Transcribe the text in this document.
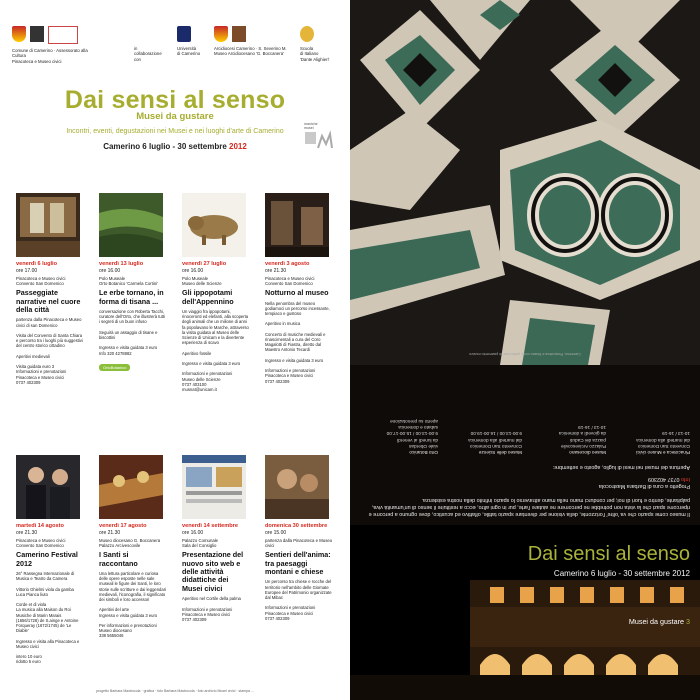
Comune di Camerino · Assessorato alla Cultura
Pinacoteca e Museo civici
in
collaborazione
con
Università
di Camerino
Arcidiocesi Camerino · S. Severino M.
Museo Arcidiocesano 'G. Boccanera'
Scuola
di Italiano
'Dante Alighieri'
Dai sensi al senso
Musei da gustare
Incontri, eventi, degustazioni nei Musei e nei luoghi d'arte di Camerino
Camerino 6 luglio - 30 settembre 2012
maniche
musei
venerdì 6 luglio
ore 17.00
Pinacoteca e Museo civici
Convento San Domenico
Passeggiate narrative nel cuore della città
partenza dalla Pinacoteca e Museo civici di san Domenico

Visita del Convento di Santa Chiara e percorso tra i luoghi più suggestivi del centro storico cittadino

Aperitivi medievali

Visita guidata euro 3
Informazioni e prenotazioni
Pinacoteca e Museo civici
0737 402309
venerdì 13 luglio
ore 16.00
Polo Museale
Orto Botanico 'Carmela Cortini'
Le erbe tornano, in forma di tisana ...
conversazione con Roberta Tacchi, curatore dell'Orto, che illustrerà tutti i segreti di un buon infuso

Seguirà un assaggio di tisane e biscottini

Ingresso e visita guidata 3 euro
Info 320 4278882
OrtoBotanico
venerdì 27 luglio
ore 16.00
Polo Museale
Museo delle Scienze
Gli ippopotami dell'Appennino
Un viaggio fra ippopotami, rinoceronti ed elefanti, alla scoperta degli animali che un milione di anni fa popolavano le Marche, attraverso la visita guidata al Museo delle Scienze di Unicam e la divertente esperienza di scavo

Aperitivo fossile

Ingresso e visita guidata 3 euro

Informazioni e prenotazioni
Museo delle Scienze
0737 403100
musnat@unicam.it
venerdì 3 agosto
ore 21.30
Pinacoteca e Museo civici
Convento San Domenico
Notturno al museo
Nella penombra del museo godiamoci un percorso incessante, tempiaco e gustoso

Aperitivo in musica

Concerto di musiche medievali e rinascimentali a cura del Coro Magalotti di Fiastra, diretto dal Maestro Antonio Tecardi

Ingresso e visita guidata 3 euro

Informazioni e prenotazioni
Pinacoteca e Museo civici
0737 402309
martedì 14 agosto
ore 21.30
Pinacoteca e Museo civici
Convento San Domenico
Camerino Festival 2012
26° Rassegna Internazionale di Musica e Teatro da Camera

Vittorio Ghielmi viola da gamba
Luca Pianca liuto

Corde et di viola
La musica alla Maison du Roi
Musiche di Marin Marais (1656/1728) de S.ainge e Antoine Forqueray (1672/1745) de 'Le Diable'

Ingresso e visita alla Pinacoteca e Museo civici

intero 10 euro
ridotto 5 euro
venerdì 17 agosto
ore 21.30
Museo diocesano G. Boccanera
Palazzo Arcivescovile
I Santi si raccontano
Una lettura particolare e curiosa delle opere esposte nelle sale museali le figure dei Santi, le loro storie sulle scritture e dai leggendari medievali, l'iconografia, il significato dei simboli e loro accessori

Aperitivi del arte
Ingresso e visita guidata 3 euro

Per informazioni e prenotazioni
Museo diocesano
338 5655046
venerdì 14 settembre
ore 16.00
Palazzo Comunale
Sala del Consiglio
Presentazione del nuovo sito web e delle attività didattiche dei Musei civici
Aperitivo nel Cortile della palma

Informazioni e prenotazioni
Pinacoteca e Museo civici
0737 402309
domenica 30 settembre
ore 15.00
partenza dalla Pinacoteca e Museo civici
Sentieri dell'anima: tra paesaggi montani e chiese
Un percorso tra chiese e rocche del territorio nell'ambito delle Giornate Europee del Patrimonio organizzate dal Mibac

Informazioni e prenotazioni
Pinacoteca e Museo civici
0737 402309
progetto Barbara Mastrocola · grafica · foto Barbara Mastrocola · foto archivio Musei civici · stampa ...
Camerino, Pinacoteca e Museo civici, particolare di pavimento musivo
Il museo come spazio che va 'oltre' l'orizzonte, della visione per diventare spazio tattile, olfattivo ed acustico, dove ognuno a percorre e ripercorre spazi che la vista non potrebbe ne percorrere ne aiutare l'arte, pur in ogni altro, ecco a restituire il senso di un'umanità viva, palpitante, dentro e fuori di noi; per condurci mano nella mano attraverso lo spazio infinito della nostra esistenza.
Progetto a cura di Barbara Mastrocola
Info 0737 402309
Apertura dei musei nei mesi di luglio, agosto e settembre:
Pinacoteca e Museo civici
Convento San Domenico
dal martedì alla domenica
10-13 / 16-19
Museo diocesano
Palazzo Arcivescovile
piazza dei Caduti
da giovedì a domenica
10-13 / 16-19
Museo delle Scienze
Convento San Domenico
dal martedì alla domenica
9.00-13.00 / 16.00-19.00
Orto Botanico
viale Oberdan
da lunedì al venerdì
9.00-13.00 / 15.00-17.00
sabato e domenica
aperto su prenotazione
Dai sensi al senso
Camerino 6 luglio - 30 settembre 2012
Musei da gustare 3
